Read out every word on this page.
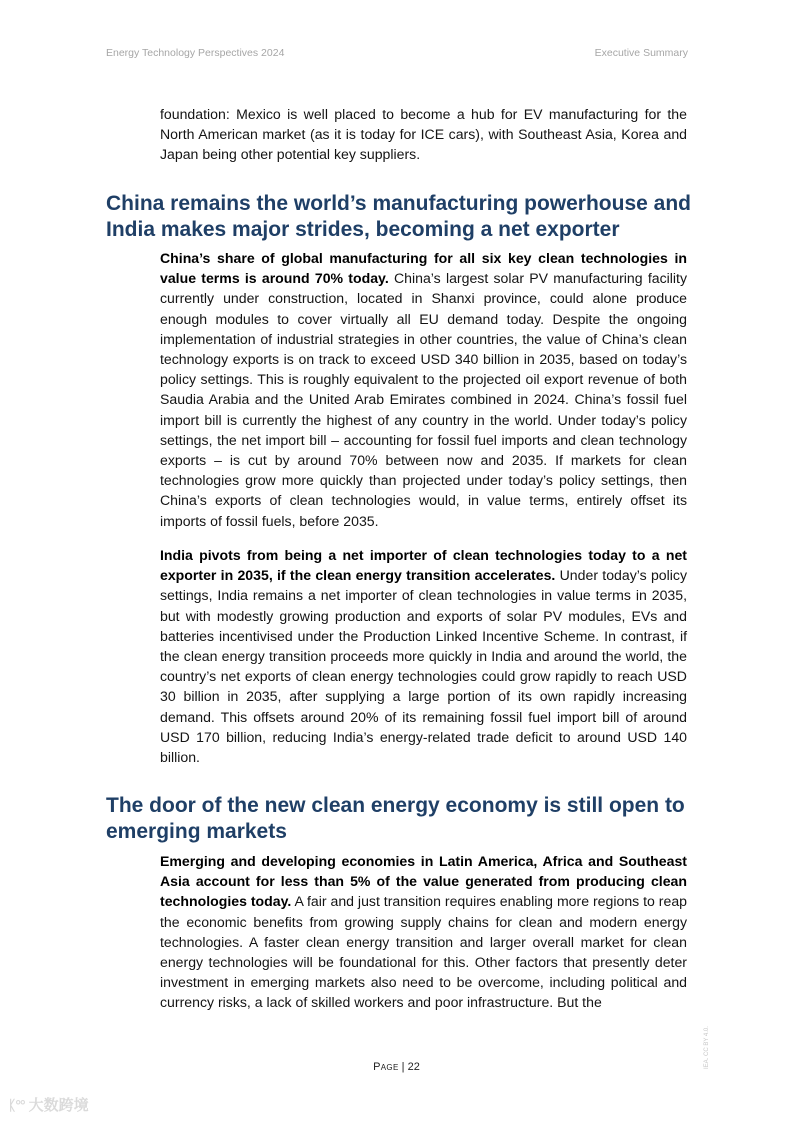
Energy Technology Perspectives 2024	Executive Summary

foundation: Mexico is well placed to become a hub for EV manufacturing for the North American market (as it is today for ICE cars), with Southeast Asia, Korea and Japan being other potential key suppliers.

China remains the world’s manufacturing powerhouse and India makes major strides, becoming a net exporter

China’s share of global manufacturing for all six key clean technologies in value terms is around 70% today. China’s largest solar PV manufacturing facility currently under construction, located in Shanxi province, could alone produce enough modules to cover virtually all EU demand today. Despite the ongoing implementation of industrial strategies in other countries, the value of China’s clean technology exports is on track to exceed USD 340 billion in 2035, based on today’s policy settings. This is roughly equivalent to the projected oil export revenue of both Saudia Arabia and the United Arab Emirates combined in 2024. China’s fossil fuel import bill is currently the highest of any country in the world. Under today’s policy settings, the net import bill – accounting for fossil fuel imports and clean technology exports – is cut by around 70% between now and 2035. If markets for clean technologies grow more quickly than projected under today’s policy settings, then China’s exports of clean technologies would, in value terms, entirely offset its imports of fossil fuels, before 2035.

India pivots from being a net importer of clean technologies today to a net exporter in 2035, if the clean energy transition accelerates. Under today’s policy settings, India remains a net importer of clean technologies in value terms in 2035, but with modestly growing production and exports of solar PV modules, EVs and batteries incentivised under the Production Linked Incentive Scheme. In contrast, if the clean energy transition proceeds more quickly in India and around the world, the country’s net exports of clean energy technologies could grow rapidly to reach USD 30 billion in 2035, after supplying a large portion of its own rapidly increasing demand. This offsets around 20% of its remaining fossil fuel import bill of around USD 170 billion, reducing India’s energy-related trade deficit to around USD 140 billion.

The door of the new clean energy economy is still open to emerging markets

Emerging and developing economies in Latin America, Africa and Southeast Asia account for less than 5% of the value generated from producing clean technologies today. A fair and just transition requires enabling more regions to reap the economic benefits from growing supply chains for clean and modern energy technologies. A faster clean energy transition and larger overall market for clean energy technologies will be foundational for this. Other factors that presently deter investment in emerging markets also need to be overcome, including political and currency risks, a lack of skilled workers and poor infrastructure. But the

IEA. CC BY 4.0.
Page | 22
ᛕ°° 大数跨境
